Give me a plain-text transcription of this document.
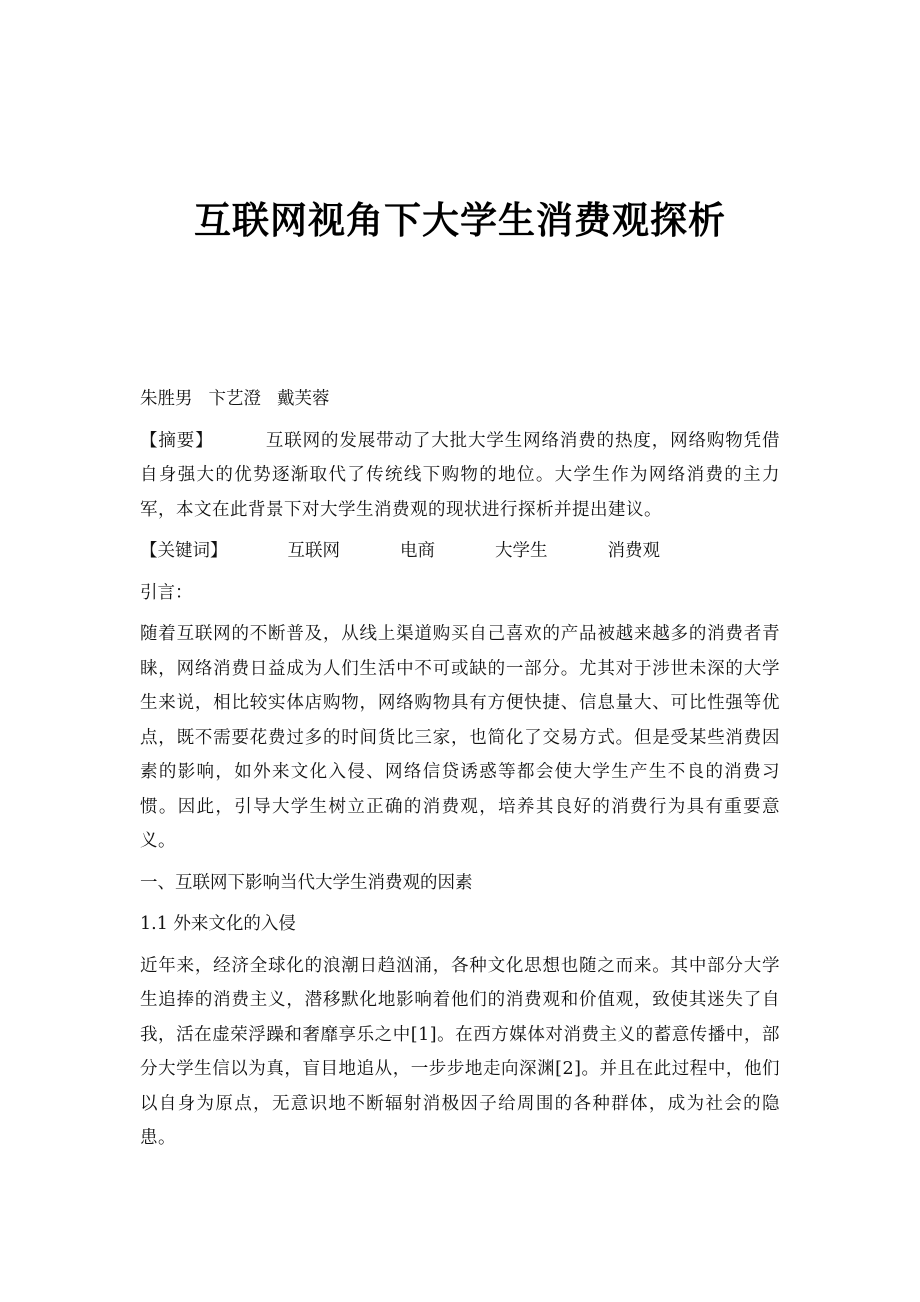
互联网视角下大学生消费观探析

朱胜男 卞艺澄 戴芙蓉

【摘要】	互联网的发展带动了大批大学生网络消费的热度，网络购物凭借自身强大的优势逐渐取代了传统线下购物的地位。大学生作为网络消费的主力军，本文在此背景下对大学生消费观的现状进行探析并提出建议。

【关键词】	互联网	电商	大学生	消费观

引言：

随着互联网的不断普及，从线上渠道购买自己喜欢的产品被越来越多的消费者青睐，网络消费日益成为人们生活中不可或缺的一部分。尤其对于涉世未深的大学生来说，相比较实体店购物，网络购物具有方便快捷、信息量大、可比性强等优点，既不需要花费过多的时间货比三家，也简化了交易方式。但是受某些消费因素的影响，如外来文化入侵、网络信贷诱惑等都会使大学生产生不良的消费习惯。因此，引导大学生树立正确的消费观，培养其良好的消费行为具有重要意义。

一、互联网下影响当代大学生消费观的因素

1.1 外来文化的入侵

近年来，经济全球化的浪潮日趋汹涌，各种文化思想也随之而来。其中部分大学生追捧的消费主义，潜移默化地影响着他们的消费观和价值观，致使其迷失了自我，活在虚荣浮躁和奢靡享乐之中[1]。在西方媒体对消费主义的蓄意传播中，部分大学生信以为真，盲目地追从，一步步地走向深渊[2]。并且在此过程中，他们以自身为原点，无意识地不断辐射消极因子给周围的各种群体，成为社会的隐患。
